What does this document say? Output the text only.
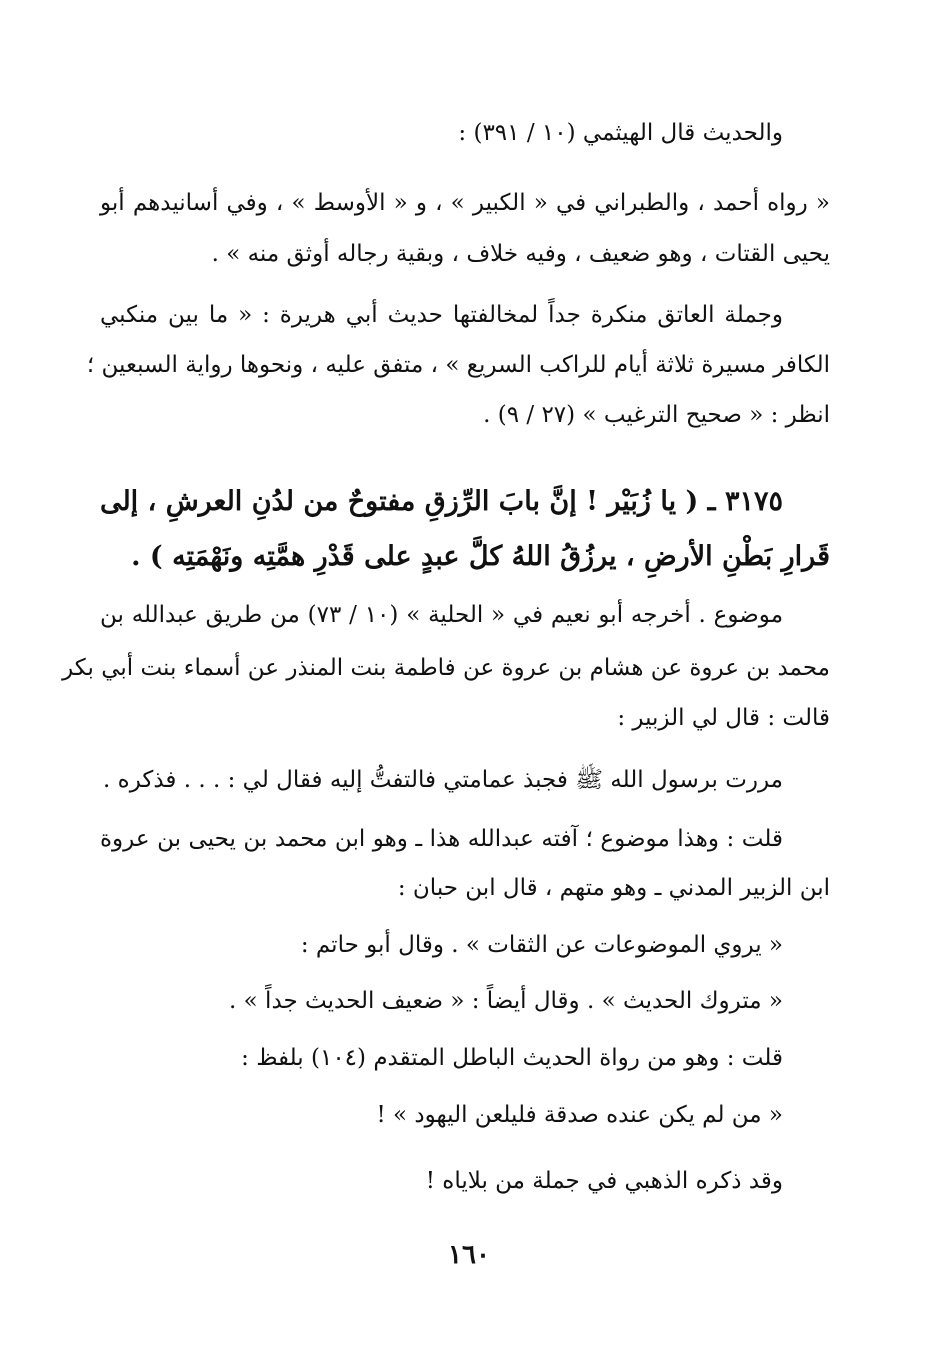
والحديث قال الهيثمي (١٠ / ٣٩١) :
« رواه أحمد ، والطبراني في « الكبير » ، و « الأوسط » ، وفي أسانيدهم أبو
يحيى القتات ، وهو ضعيف ، وفيه خلاف ، وبقية رجاله أوثق منه » .
وجملة العاتق منكرة جداً لمخالفتها حديث أبي هريرة : « ما بين منكبي
الكافر مسيرة ثلاثة أيام للراكب السريع » ، متفق عليه ، ونحوها رواية السبعين ؛
انظر : « صحيح الترغيب » (٢٧ / ٩) .
٣١٧٥ ـ ( يا زُبَيْر ! إنَّ بابَ الرِّزقِ مفتوحٌ من لدُنِ العرشِ ، إلى
قَرارِ بَطْنِ الأرضِ ، يرزُقُ اللهُ كلَّ عبدٍ على قَدْرِ همَّتِه ونَهْمَتِه ) .
موضوع . أخرجه أبو نعيم في « الحلية » (١٠ / ٧٣) من طريق عبدالله بن
محمد بن عروة عن هشام بن عروة عن فاطمة بنت المنذر عن أسماء بنت أبي بكر
قالت : قال لي الزبير :
مررت برسول الله ﷺ فجبذ عمامتي فالتفتُّ إليه فقال لي : . . . فذكره .
قلت : وهذا موضوع ؛ آفته عبدالله هذا ـ وهو ابن محمد بن يحيى بن عروة
ابن الزبير المدني ـ وهو متهم ، قال ابن حبان :
« يروي الموضوعات عن الثقات » . وقال أبو حاتم :
« متروك الحديث » . وقال أيضاً : « ضعيف الحديث جداً » .
قلت : وهو من رواة الحديث الباطل المتقدم (١٠٤) بلفظ :
« من لم يكن عنده صدقة فليلعن اليهود » !
وقد ذكره الذهبي في جملة من بلاياه !
١٦٠
